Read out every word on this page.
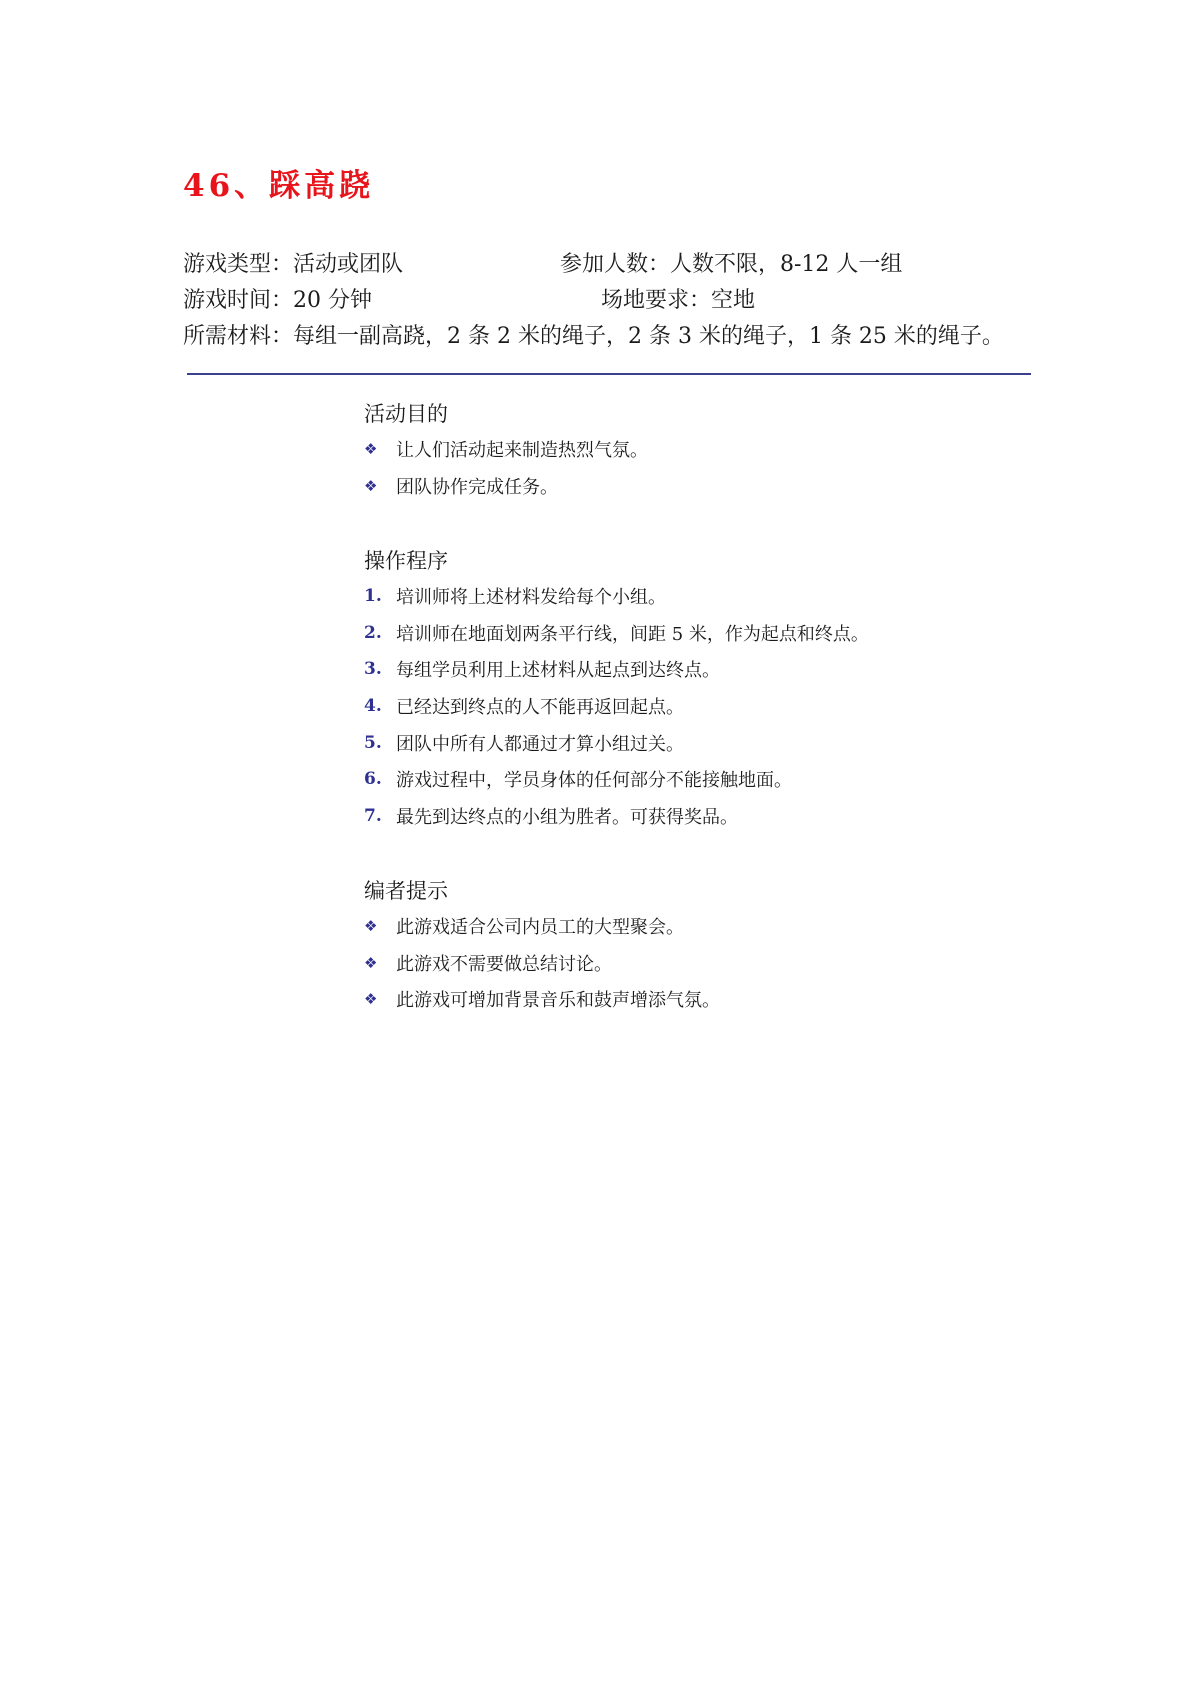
46、踩高跷
游戏类型：活动或团队	参加人数：人数不限，8-12 人一组
游戏时间：20 分钟	场地要求：空地
所需材料：每组一副高跷，2 条 2 米的绳子，2 条 3 米的绳子，1 条 25 米的绳子。
活动目的
❖	让人们活动起来制造热烈气氛。
❖	团队协作完成任务。
操作程序
1. 培训师将上述材料发给每个小组。
2. 培训师在地面划两条平行线，间距 5 米，作为起点和终点。
3. 每组学员利用上述材料从起点到达终点。
4. 已经达到终点的人不能再返回起点。
5. 团队中所有人都通过才算小组过关。
6. 游戏过程中，学员身体的任何部分不能接触地面。
7. 最先到达终点的小组为胜者。可获得奖品。
编者提示
❖	此游戏适合公司内员工的大型聚会。
❖	此游戏不需要做总结讨论。
❖	此游戏可增加背景音乐和鼓声增添气氛。
